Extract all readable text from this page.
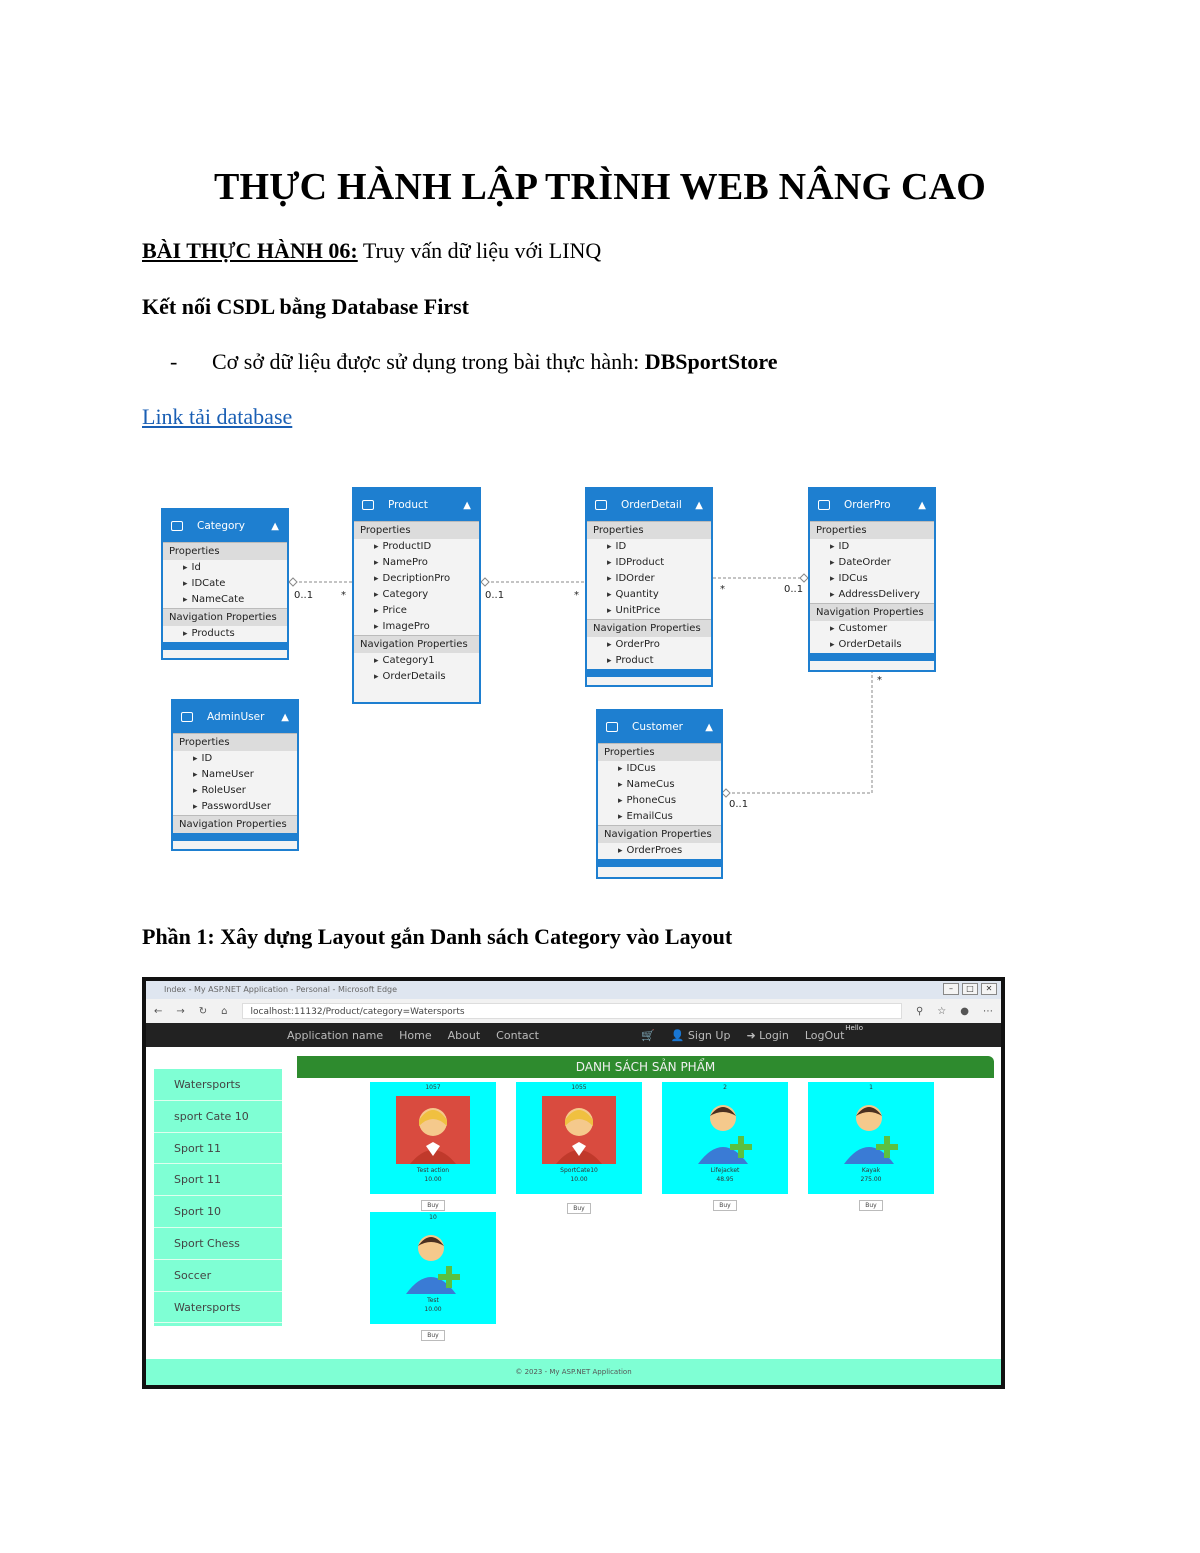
THỰC HÀNH LẬP TRÌNH WEB NÂNG CAO
BÀI THỰC HÀNH 06: Truy vấn dữ liệu với LINQ
Kết nối CSDL bằng Database First
- Cơ sở dữ liệu được sử dụng trong bài thực hành: DBSportStore
Link tải database
Category	▲
Properties
▸ Id
▸ IDCate
▸ NameCate
Navigation Properties
▸ Products
Product	▲
Properties
▸ ProductID
▸ NamePro
▸ DecriptionPro
▸ Category
▸ Price
▸ ImagePro
Navigation Properties
▸ Category1
▸ OrderDetails
OrderDetail	▲
Properties
▸ ID
▸ IDProduct
▸ IDOrder
▸ Quantity
▸ UnitPrice
Navigation Properties
▸ OrderPro
▸ Product
OrderPro	▲
Properties
▸ ID
▸ DateOrder
▸ IDCus
▸ AddressDelivery
Navigation Properties
▸ Customer
▸ OrderDetails
AdminUser	▲
Properties
▸ ID
▸ NameUser
▸ RoleUser
▸ PasswordUser
Navigation Properties
Customer	▲
Properties
▸ IDCus
▸ NameCus
▸ PhoneCus
▸ EmailCus
Navigation Properties
▸ OrderProes
0..1	*	0..1	*
*	0..1
*
0..1
Phần 1: Xây dựng Layout gắn Danh sách Category vào Layout
Index - My ASP.NET Application - Personal - Microsoft Edge	–	□	✕
← → ↻ ⌂	localhost:11132/Product/category=Watersports	⚲ ☆ ● ⋯
Application name Home About Contact	🛒 👤 Sign Up ➜ Login LogOut
Hello
Watersports
sport Cate 10
Sport 11
Sport 11
Sport 10
Sport Chess
Soccer
Watersports
DANH SÁCH SẢN PHẨM
1057
Test action
10.00
1055
SportCate10
10.00
2
Lifejacket
48.95
1
Kayak
275.00
10
Test
10.00
Buy	Buy	Buy	Buy
Buy
© 2023 - My ASP.NET Application
